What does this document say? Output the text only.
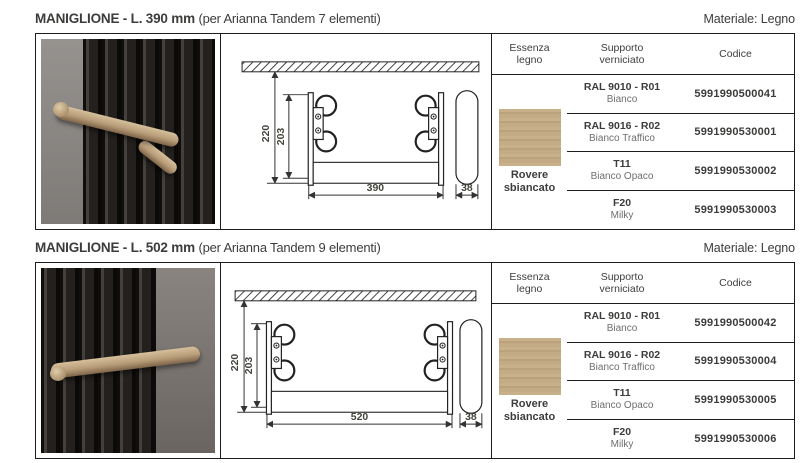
MANIGLIONE - L. 390 mm (per Arianna Tandem 7 elementi)	Materiale: Legno
220 203
390	38
Essenza legno
Supporto verniciato
Codice
Rovere sbiancato
RAL 9010 - R01
Bianco	5991990500041
RAL 9016 - R02
Bianco Traffico	5991990530001
T11
Bianco Opaco	5991990530002
F20
Milky	5991990530003
MANIGLIONE - L. 502 mm (per Arianna Tandem 9 elementi)	Materiale: Legno
220 203
520	38
Essenza legno
Supporto verniciato
Codice
Rovere sbiancato
RAL 9010 - R01
Bianco	5991990500042
RAL 9016 - R02
Bianco Traffico	5991990530004
T11
Bianco Opaco	5991990530005
F20
Milky	5991990530006
